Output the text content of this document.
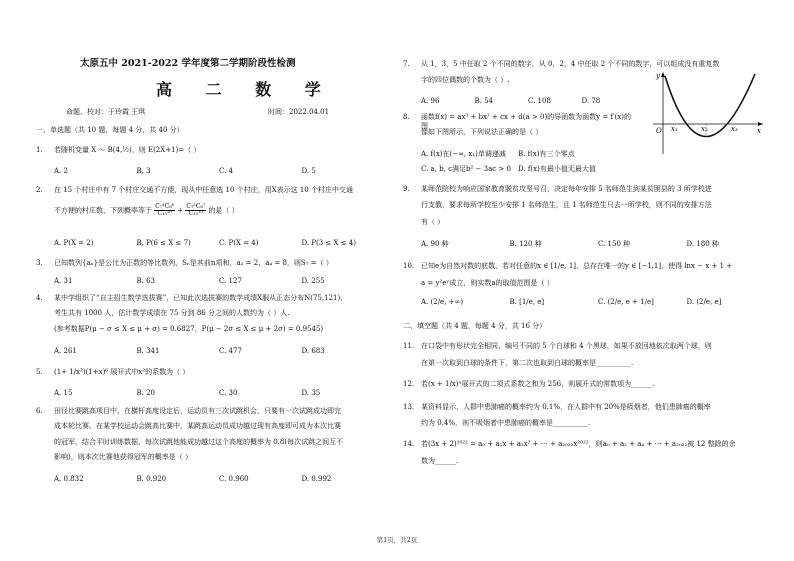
太原五中 2021-2022 学年度第二学期阶段性检测
高 二 数 学
命题、校对：于玲霞 王琪	时间：2022.04.01
一、单选题（共 10 题，每题 4 分，共 40 分）
1. 若随机变量 X ～ B(4,½)，则 E(2X+1)=（ ）
A. 2	B. 3	C. 4	D. 5
2. 在 15 个村庄中有 7 个村庄交通不方便，现从中任意选 10 个村庄，用X表示这 10 个村庄中交通
不方便的村庄数，下列概率等于 $\frac{\text{C₇⁴C₈⁶}}{\text{C₁₅¹⁰}} + \frac{\text{C₇³C₈⁷}}{\text{C₁₅¹⁰}}$ 的是（ ）
A. P(X = 2)	B. P(6 ≤ X ≤ 7)	C. P(X = 4)	D. P(3 ≤ X ≤ 4)
3. 已知数列{aₙ}是公比为正数的等比数列，Sₙ是其前n项和，a₂ = 2，a₄ = 8，则S₇ =（ ）
A. 31	B. 63	C. 127	D. 255
4. 某中学组织了“自主招生数学选拔赛”，已知此次选拔赛的数学成绩X服从正态分布N(75,121)，
考生共有 1000 人，估计数学成绩在 75 分到 86 分之间的人数约为（ ）人.
(参考数据P(μ − σ ≤ X ≤ μ + σ) = 0.6827，P(μ − 2σ ≤ X ≤ μ + 2σ) = 0.9545)
A. 261	B. 341	C. 477	D. 683
5. (1+ 1/x²)(1+x)⁶ 展开式中x²的系数为（ ）
A. 15	B. 20	C. 30	D. 35
6. 田径比赛跳高项目中，在横杆高度设定后，运动员有三次试跳机会，只要有一次试跳成功即完
成本轮比赛。在某学校运动会跳高比赛中，某跳高运动员成功越过现有高度即可成为本次比赛
的冠军，结合平时训练数据，每次试跳他能成功越过这个高度的概率为 0.8(每次试跳之间互不
影响)，则本次比赛他获得冠军的概率是（ ）
A. 0.832	B. 0.920	C. 0.960	D. 0.992
7. 从 1，3，5 中任取 2 个不同的数字，从 0，2，4 中任取 2 个不同的数字，可以组成没有重复数
字的四位偶数的个数为（ ）.
A. 96	B. 54	C. 108	D. 78
y
O x₁	x₂	x₃	x
8. 函数f(x) = ax³ + bx² + cx + d(a > 0)的导函数为函数y = f′(x)的图
像如下图所示，下列说法正确的是（ ）
A. f(x)在(−∞, x₁)单调递减	B. f(x)有三个零点
C. a, b, c满足b² − 3ac > 0	D. f(x)有最小值无最大值
9. 某师范院校为响应国家教育脱贫攻坚号召，决定每年安排 5 名师范生到某贫困县的 3 所学校进
行支教，要求每所学校至少安排 1 名师范生，且 1 名师范生只去一所学校，则不同的安排方法
有（ ）
A. 90 种	B. 120 种	C. 150 种	D. 180 种
10. 已知e为自然对数的底数，若对任意的x ∈ [1/e, 1]，总存在唯一的y ∈ [−1,1]，使得 lnx − x + 1 +
a = y²eʸ成立，则实数a的取值范围是（ ）
A. (2/e, +∞)	B. [1/e, e]	C. (2/e, e + 1/e]	D. (2/e, e]
二、填空题（共 4 题，每题 4 分，共 16 分）
11. 在口袋中有形状完全相同、编号不同的 5 个白球和 4 个黑球，如果不放回地依次取两个球，则
在第一次取到白球的条件下，第二次也取到白球的概率是__________.
12. 若(x + 1/x)ⁿ展开式的二项式系数之和为 256，则展开式的常数项为______.
13. 某资料显示，人群中患肺癌的概率约为 0.1%，在人群中有 20%是吸烟者，他们患肺癌的概率
约为 0.4%，则不吸烟者中患肺癌的概率是__________.
14. 若(3x + 2)²⁰²² = a₀ + a₁x + a₂x² + ⋯ + a₂₀₂₂x²⁰²²，则a₀ + a₂ + a₄ + ⋯ + a₂₀₂₂被 12 整除的余
数为______.
第1页，共2页
